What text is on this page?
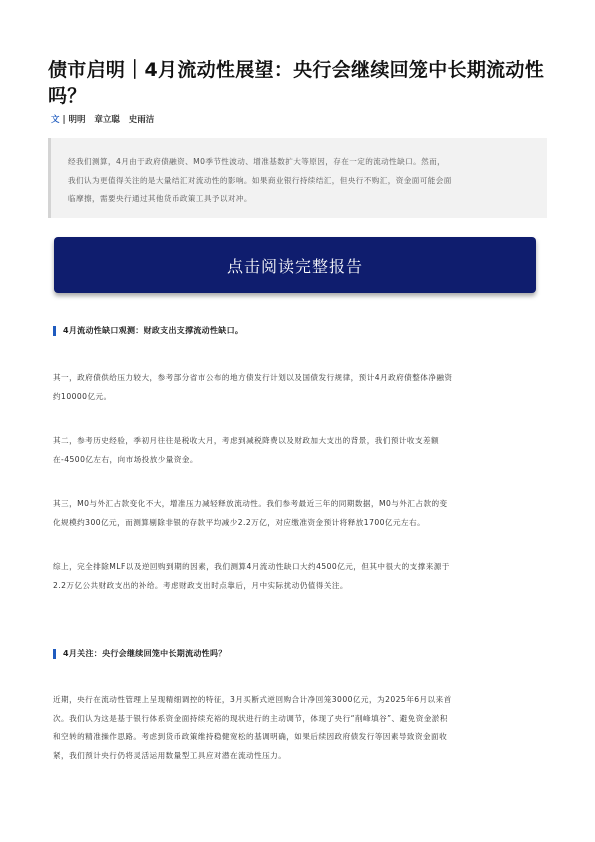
债市启明｜4月流动性展望：央行会继续回笼中长期流动性
吗？
文 | 明明   章立聪   史雨洁
经我们测算，4月由于政府债融资、M0季节性波动、增准基数扩大等原因，存在一定的流动性缺口。然而，
我们认为更值得关注的是大量结汇对流动性的影响。如果商业银行持续结汇，但央行不购汇，资金面可能会面
临摩擦，需要央行通过其他货币政策工具予以对冲。
点击阅读完整报告
4月流动性缺口观测：财政支出支撑流动性缺口。
其一，政府债供给压力较大，参考部分省市公布的地方债发行计划以及国债发行规律，预计4月政府债整体净融资
约10000亿元。
其二，参考历史经验，季初月往往是税收大月，考虑到减税降费以及财政加大支出的背景，我们预计收支差额
在-4500亿左右，向市场投放少量资金。
其三，M0与外汇占款变化不大，增准压力减轻释放流动性。我们参考最近三年的同期数据，M0与外汇占款的变
化规模约300亿元，而测算剔除非银的存款平均减少2.2万亿，对应缴准资金预计将释放1700亿元左右。
综上，完全排除MLF以及逆回购到期的因素，我们测算4月流动性缺口大约4500亿元，但其中很大的支撑来源于
2.2万亿公共财政支出的补给。考虑财政支出时点靠后，月中实际扰动仍值得关注。
4月关注：央行会继续回笼中长期流动性吗？
近期，央行在流动性管理上呈现精细调控的特征，3月买断式逆回购合计净回笼3000亿元，为2025年6月以来首
次。我们认为这是基于银行体系资金面持续充裕的现状进行的主动调节，体现了央行“削峰填谷”、避免资金淤积
和空转的精准操作思路。考虑到货币政策维持稳健宽松的基调明确，如果后续因政府债发行等因素导致资金面收
紧，我们预计央行仍将灵活运用数量型工具应对潜在流动性压力。
